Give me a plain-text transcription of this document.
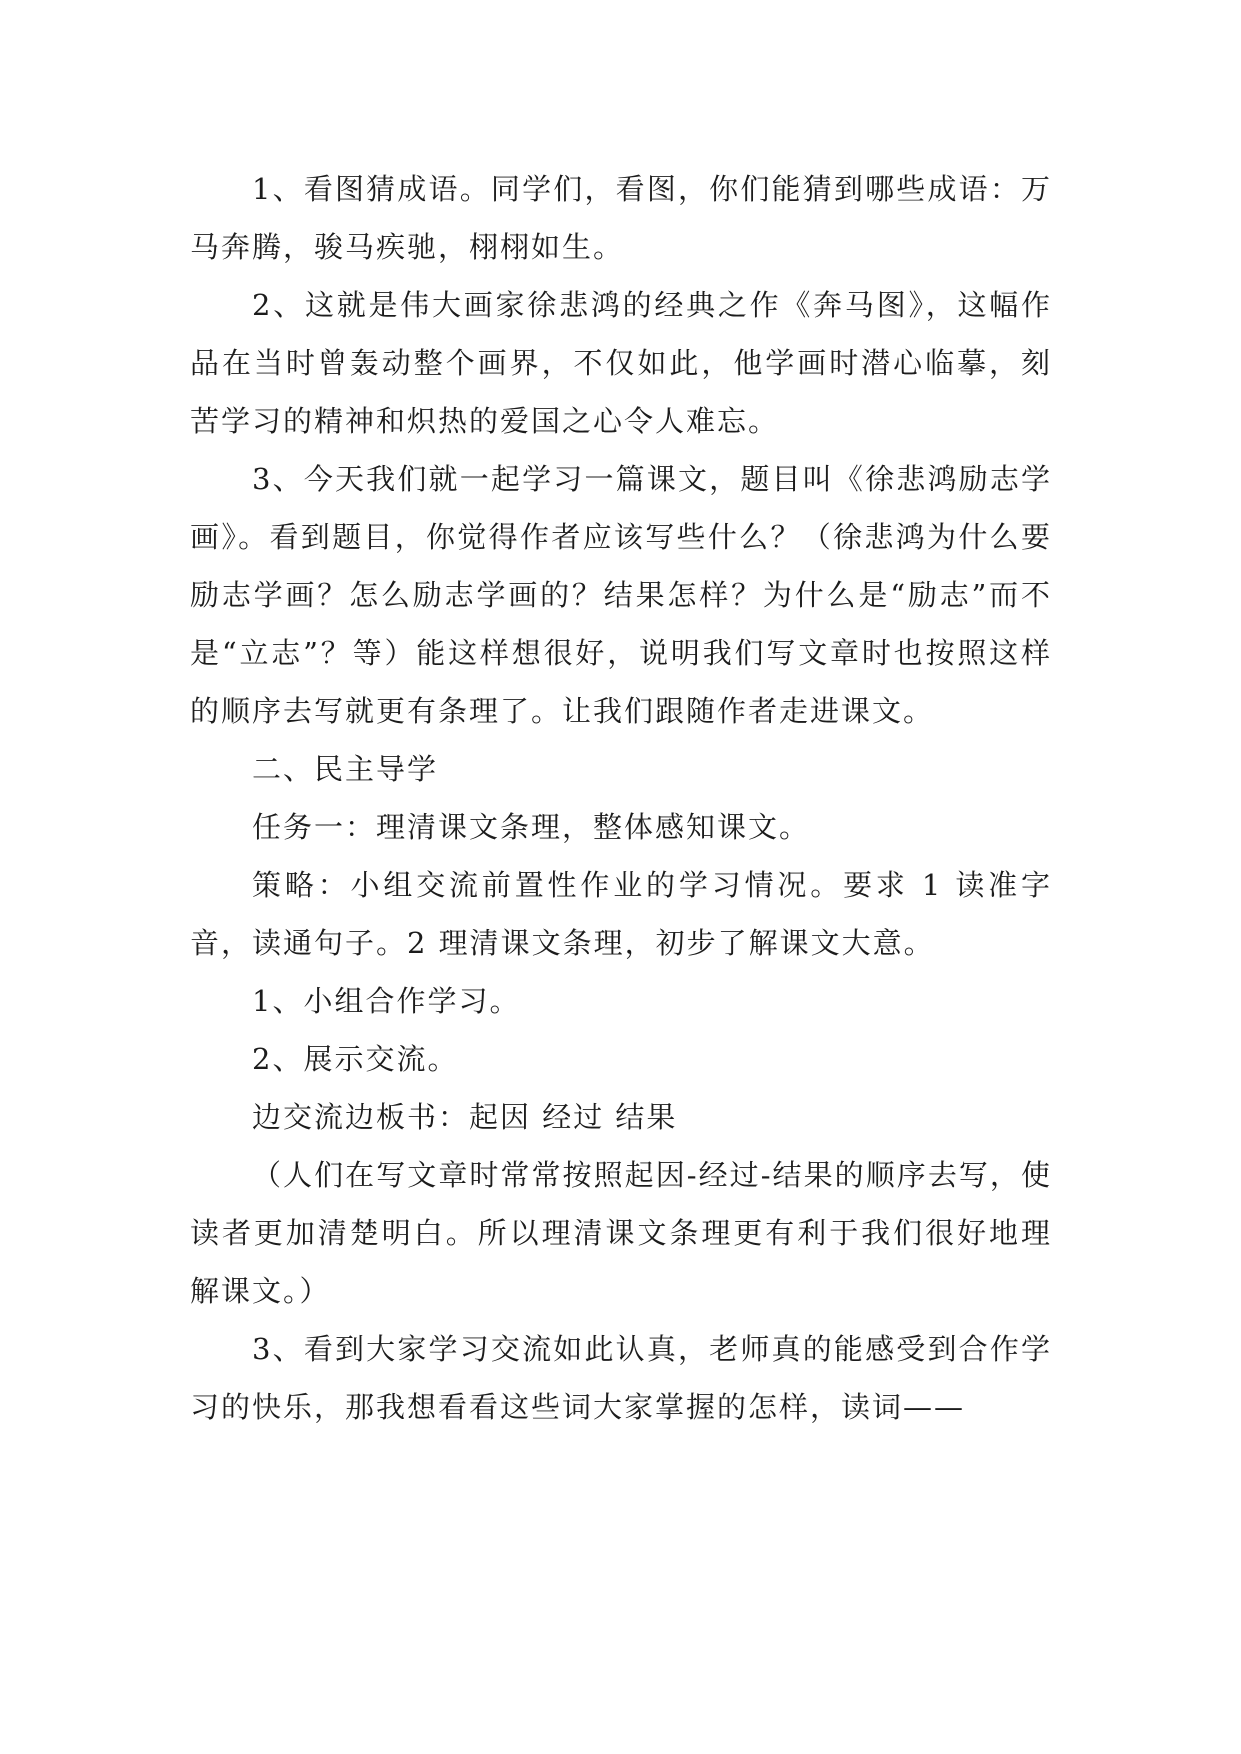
1、看图猜成语。同学们，看图，你们能猜到哪些成语：万马奔腾，骏马疾驰，栩栩如生。

2、这就是伟大画家徐悲鸿的经典之作《奔马图》，这幅作品在当时曾轰动整个画界，不仅如此，他学画时潜心临摹，刻苦学习的精神和炽热的爱国之心令人难忘。

3、今天我们就一起学习一篇课文，题目叫《徐悲鸿励志学画》。看到题目，你觉得作者应该写些什么？（徐悲鸿为什么要励志学画？怎么励志学画的？结果怎样？为什么是“励志”而不是“立志”？等）能这样想很好，说明我们写文章时也按照这样的顺序去写就更有条理了。让我们跟随作者走进课文。

二、民主导学

任务一：理清课文条理，整体感知课文。

策略：小组交流前置性作业的学习情况。要求 1 读准字音，读通句子。2 理清课文条理，初步了解课文大意。

1、小组合作学习。

2、展示交流。

边交流边板书：起因 经过 结果

（人们在写文章时常常按照起因-经过-结果的顺序去写，使读者更加清楚明白。所以理清课文条理更有利于我们很好地理解课文。）

3、看到大家学习交流如此认真，老师真的能感受到合作学习的快乐，那我想看看这些词大家掌握的怎样，读词——
